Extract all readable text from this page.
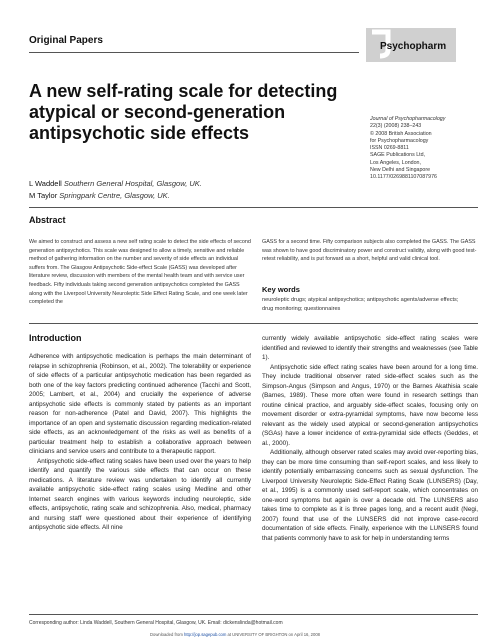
Original Papers
Psychopharm
A new self-rating scale for detecting atypical or second-generation antipsychotic side effects
L Waddell Southern General Hospital, Glasgow, UK.
M Taylor Springpark Centre, Glasgow, UK.
Journal of Psychopharmacology
22(3) (2008) 238–243
© 2008 British Association
for Psychopharmacology
ISSN 0269-8811
SAGE Publications Ltd,
Los Angeles, London,
New Delhi and Singapore
10.1177/0269881107087976
Abstract
We aimed to construct and assess a new self rating scale to detect the side effects of second generation antipsychotics. This scale was designed to allow a timely, sensitive and reliable method of gathering information on the number and severity of side effects an individual suffers from. The Glasgow Antipsychotic Side-effect Scale (GASS) was developed after literature review, discussion with members of the mental health team and with service user feedback. Fifty individuals taking second generation antipsychotics completed the GASS along with the Liverpool University Neuroleptic Side Effect Rating Scale, and one week later completed the
GASS for a second time. Fifty comparison subjects also completed the GASS. The GASS was shown to have good discriminatory power and construct validity, along with good test-retest reliability, and is put forward as a short, helpful and valid clinical tool.
Key words
neuroleptic drugs; atypical antipsychotics; antipsychotic agents/adverse effects; drug monitoring; questionnaires
Introduction

Adherence with antipsychotic medication is perhaps the main determinant of relapse in schizophrenia (Robinson, et al., 2002). The tolerability or experience of side effects of a particular antipsychotic medication has been regarded as both one of the key factors predicting continued adherence (Tacchi and Scott, 2005; Lambert, et al., 2004) and crucially the experience of adverse antipsychotic side effects is commonly stated by patients as an important reason for non-adherence (Patel and David, 2007). This highlights the importance of an open and systematic discussion regarding medication-related side effects, as an acknowledgement of the risks as well as benefits of a particular treatment help to establish a collaborative approach between clinicians and service users and contribute to a therapeutic rapport.

Antipsychotic side-effect rating scales have been used over the years to help identify and quantify the various side effects that can occur on these medications. A literature review was undertaken to identify all currently available antipsychotic side-effect rating scales using Medline and other Internet search engines with various keywords including neuroleptic, side effects, antipsychotic, rating scale and schizophrenia. Also, medical, pharmacy and nursing staff were questioned about their experience of identifying antipsychotic side effects. All nine

currently widely available antipsychotic side-effect rating scales were identified and reviewed to identify their strengths and weaknesses (see Table 1).

Antipsychotic side effect rating scales have been around for a long time. They include traditional observer rated side-effect scales such as the Simpson-Angus (Simpson and Angus, 1970) or the Barnes Akathisia scale (Barnes, 1989). These more often were found in research settings than routine clinical practice, and arguably side-effect scales, focusing only on movement disorder or extra-pyramidal symptoms, have now become less relevant as the widely used atypical or second-generation antipsychotics (SGAs) have a lower incidence of extra-pyramidal side effects (Geddes, et al., 2000).

Additionally, although observer rated scales may avoid over-reporting bias, they can be more time consuming than self-report scales, and less likely to identify potentially embarrassing concerns such as sexual dysfunction. The Liverpool University Neuroleptic Side-Effect Rating Scale (LUNSERS) (Day, et al., 1995) is a commonly used self-report scale, which concentrates on one-word symptoms but again is over a decade old. The LUNSERS also takes time to complete as it is three pages long, and a recent audit (Negi, 2007) found that use of the LUNSERS did not improve case-record documentation of side effects. Finally, experience with the LUNSERS found that patients commonly have to ask for help in understanding terms

Corresponding author: Linda Waddell, Southern General Hospital, Glasgow, UK. Email: dickenslinda@hotmail.com
Downloaded from http://jop.sagepub.com at UNIVERSITY OF BRIGHTON on April 16, 2008
